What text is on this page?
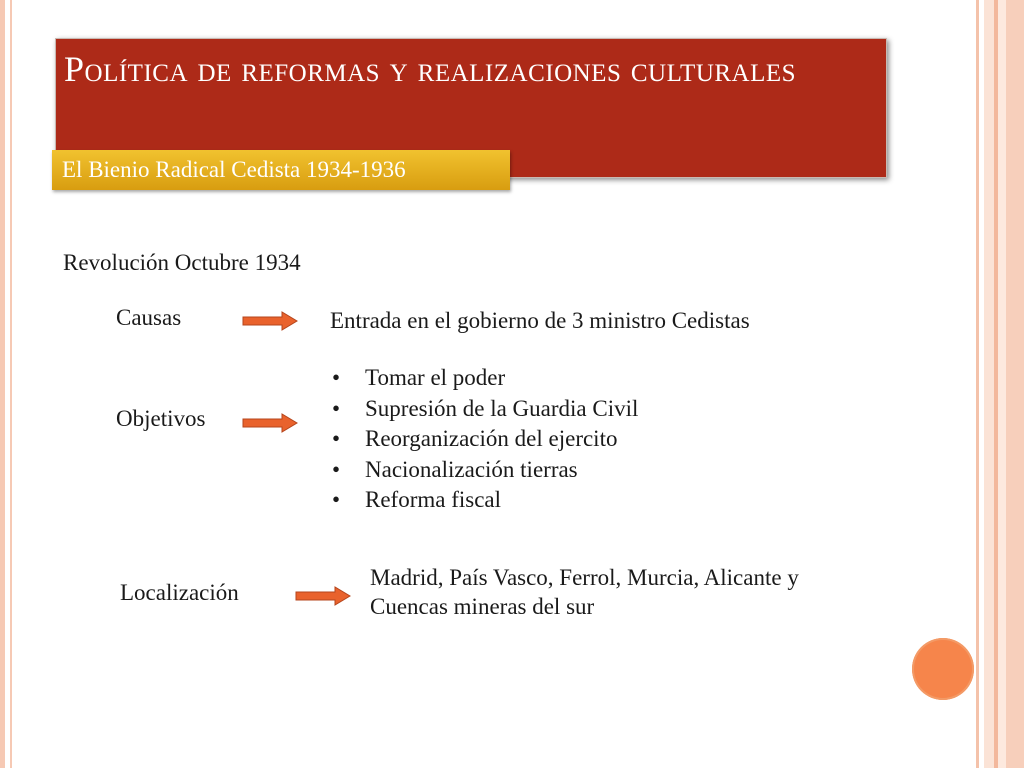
Política de reformas y realizaciones culturales
El Bienio Radical Cedista 1934-1936
Revolución Octubre 1934
Causas	Entrada en el gobierno de 3 ministro Cedistas
Objetivos
• Tomar el poder
• Supresión de la Guardia Civil
• Reorganización del ejercito
• Nacionalización tierras
• Reforma fiscal
Localización
Madrid, País Vasco, Ferrol, Murcia, Alicante y
Cuencas mineras del sur
